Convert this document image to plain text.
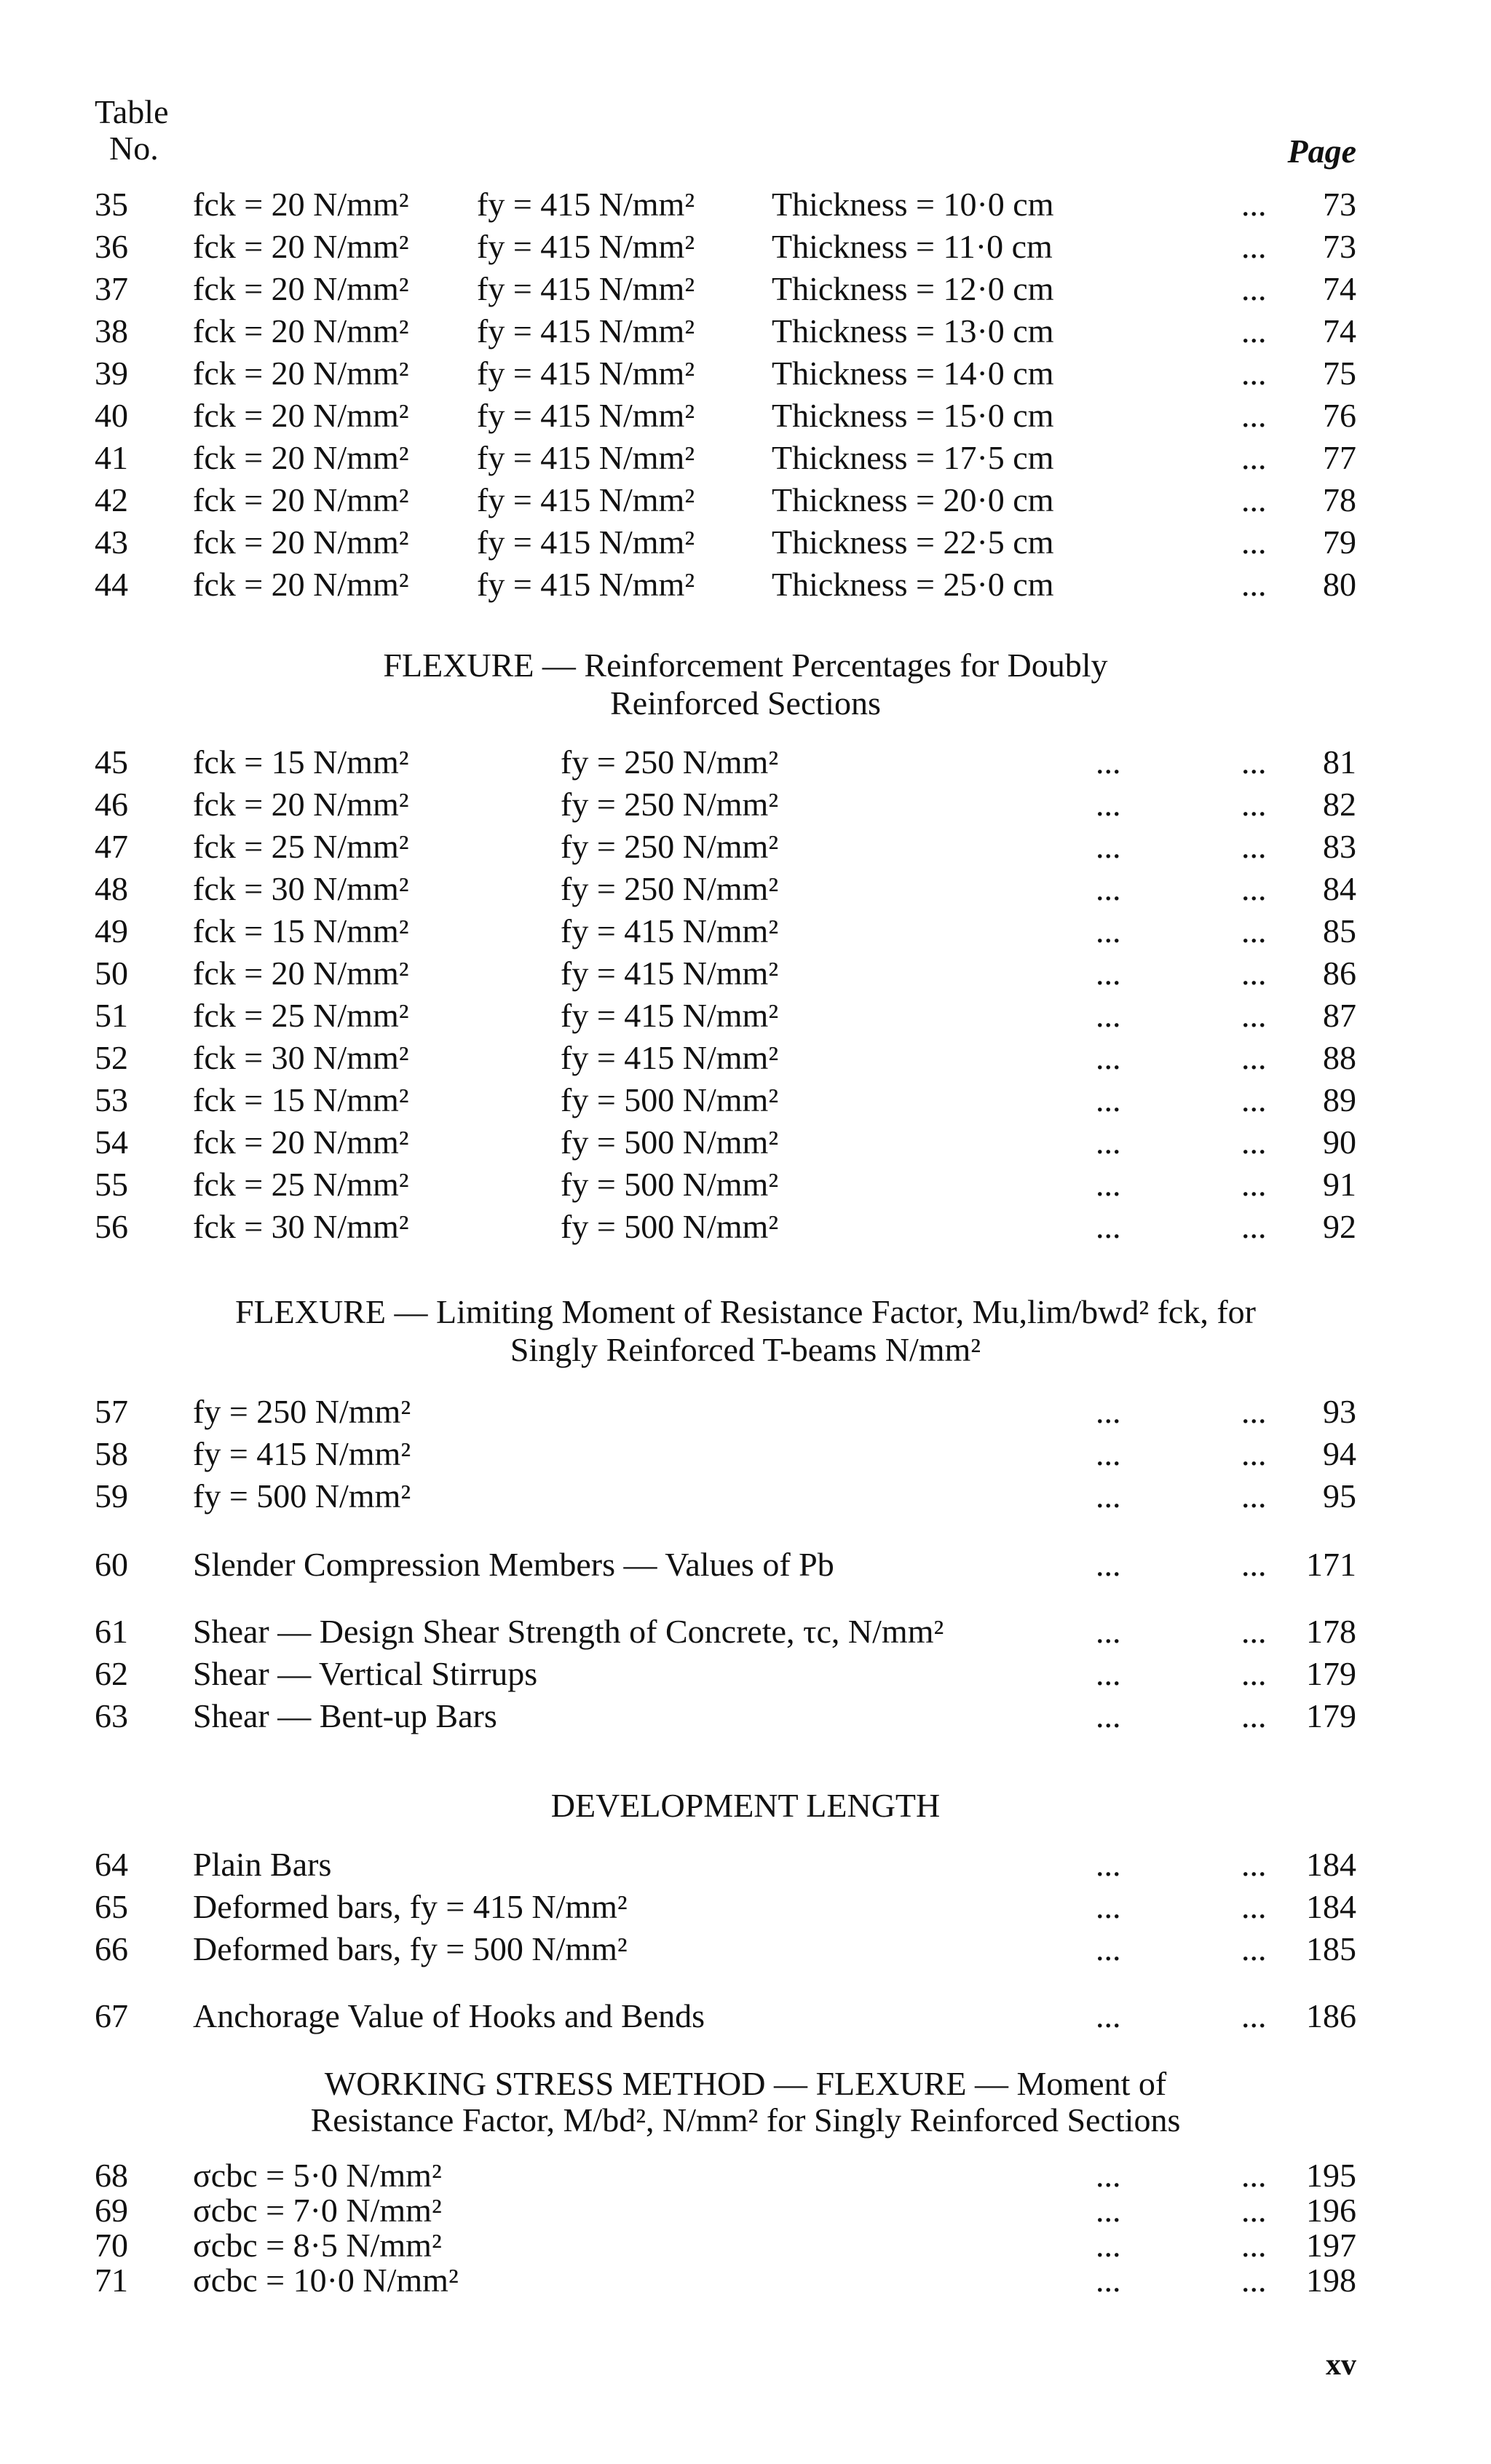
Table
No.	Page
35 fck = 20 N/mm² fy = 415 N/mm² Thickness = 10·0 cm	... 73
36 fck = 20 N/mm² fy = 415 N/mm² Thickness = 11·0 cm	... 73
37 fck = 20 N/mm² fy = 415 N/mm² Thickness = 12·0 cm	... 74
38 fck = 20 N/mm² fy = 415 N/mm² Thickness = 13·0 cm	... 74
39 fck = 20 N/mm² fy = 415 N/mm² Thickness = 14·0 cm	... 75
40 fck = 20 N/mm² fy = 415 N/mm² Thickness = 15·0 cm	... 76
41 fck = 20 N/mm² fy = 415 N/mm² Thickness = 17·5 cm	... 77
42 fck = 20 N/mm² fy = 415 N/mm² Thickness = 20·0 cm	... 78
43 fck = 20 N/mm² fy = 415 N/mm² Thickness = 22·5 cm	... 79
44 fck = 20 N/mm² fy = 415 N/mm² Thickness = 25·0 cm	... 80
FLEXURE — Reinforcement Percentages for Doubly
Reinforced Sections
45 fck = 15 N/mm²	fy = 250 N/mm²	...	... 81
46 fck = 20 N/mm²	fy = 250 N/mm²	...	... 82
47 fck = 25 N/mm²	fy = 250 N/mm²	...	... 83
48 fck = 30 N/mm²	fy = 250 N/mm²	...	... 84
49 fck = 15 N/mm²	fy = 415 N/mm²	...	... 85
50 fck = 20 N/mm²	fy = 415 N/mm²	...	... 86
51 fck = 25 N/mm²	fy = 415 N/mm²	...	... 87
52 fck = 30 N/mm²	fy = 415 N/mm²	...	... 88
53 fck = 15 N/mm²	fy = 500 N/mm²	...	... 89
54 fck = 20 N/mm²	fy = 500 N/mm²	...	... 90
55 fck = 25 N/mm²	fy = 500 N/mm²	...	... 91
56 fck = 30 N/mm²	fy = 500 N/mm²	...	... 92
FLEXURE — Limiting Moment of Resistance Factor, Mu,lim/bwd² fck, for
Singly Reinforced T-beams N/mm²
57 fy = 250 N/mm²	...	... 93
58 fy = 415 N/mm²	...	... 94
59 fy = 500 N/mm²	...	... 95
60 Slender Compression Members — Values of Pb	...	... 171
61 Shear — Design Shear Strength of Concrete, τc, N/mm²	...	... 178
62 Shear — Vertical Stirrups	...	... 179
63 Shear — Bent-up Bars	...	... 179
DEVELOPMENT LENGTH
64 Plain Bars	...	... 184
65 Deformed bars, fy = 415 N/mm²	...	... 184
66 Deformed bars, fy = 500 N/mm²	...	... 185
67 Anchorage Value of Hooks and Bends	...	... 186
WORKING STRESS METHOD — FLEXURE — Moment of
Resistance Factor, M/bd², N/mm² for Singly Reinforced Sections
68 σcbc = 5·0 N/mm²	...	... 195
69 σcbc = 7·0 N/mm²	...	... 196
70 σcbc = 8·5 N/mm²	...	... 197
71 σcbc = 10·0 N/mm²	...	... 198
xv
